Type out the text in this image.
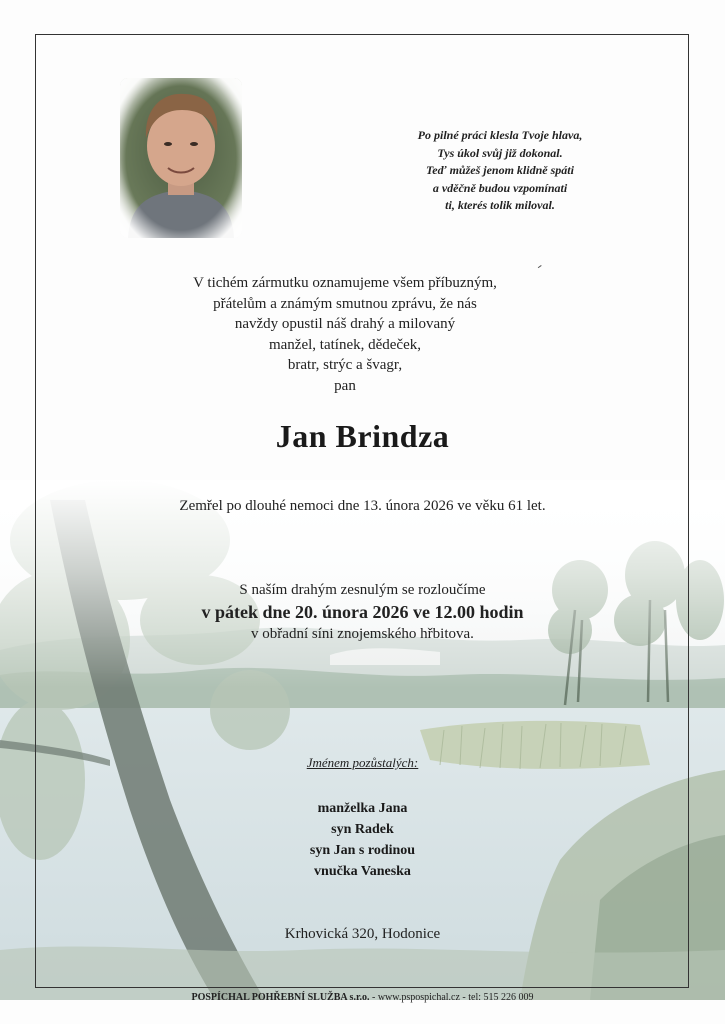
Po pilné práci klesla Tvoje hlava,
Tys úkol svůj již dokonal.
Teď můžeš jenom klidně spáti
a vděčně budou vzpomínati
ti, kterés tolik miloval.
V tichém zármutku oznamujeme všem příbuzným,
přátelům a známým smutnou zprávu, že nás
navždy opustil náš drahý a milovaný
manžel, tatínek, dědeček,
bratr, strýc a švagr,
pan
Jan Brindza
Zemřel po dlouhé nemoci dne 13. února 2026 ve věku 61 let.
S naším drahým zesnulým se rozloučíme
v pátek dne 20. února 2026 ve 12.00 hodin
v obřadní síni znojemského hřbitova.
Jménem pozůstalých:
manželka Jana
syn Radek
syn Jan s rodinou
vnučka Vaneska
Krhovická 320, Hodonice
POSPÍCHAL POHŘEBNÍ SLUŽBA s.r.o. - www.pspospichal.cz - tel: 515 226 009
